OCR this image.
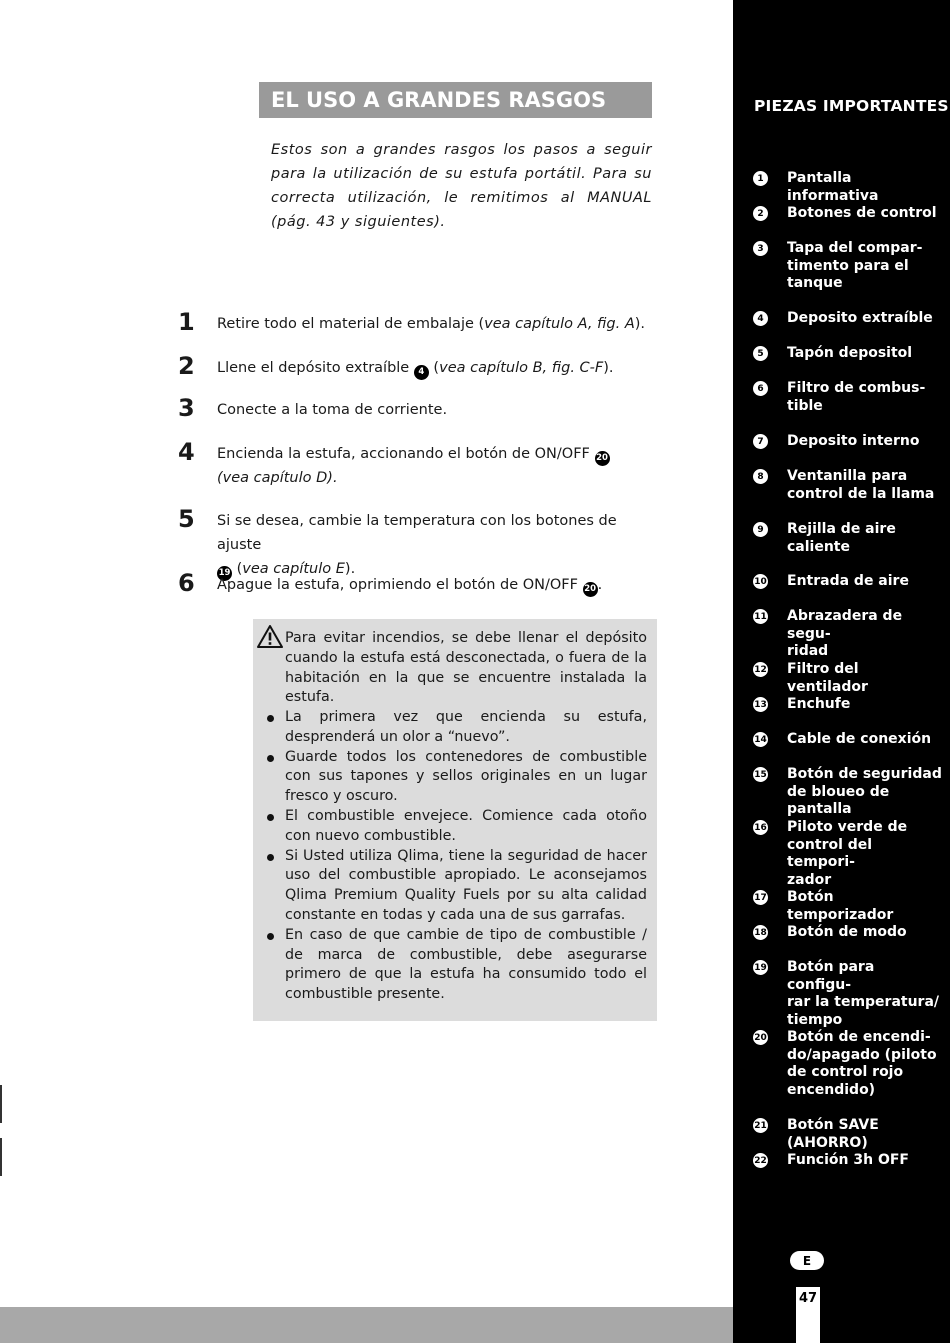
EL USO A GRANDES RASGOS
Estos son a grandes rasgos los pasos a seguir para la utilización de su estufa portátil. Para su correcta utilización, le remitimos al MANUAL (pág. 43 y siguientes).
1 Retire todo el material de embalaje (vea capítulo A, fig. A).
2 Llene el depósito extraíble 4 (vea capítulo B, fig. C-F).
3 Conecte a la toma de corriente.
4 Encienda la estufa, accionando el botón de ON/OFF 20
(vea capítulo D).
5 Si se desea, cambie la temperatura con los botones de ajuste
19 (vea capítulo E).
6 Apague la estufa, oprimiendo el botón de ON/OFF 20 .
Para evitar incendios, se debe llenar el depósito cuando la estufa está desconectada, o fuera de la habitación en la que se encuentre instalada la estufa.
La primera vez que encienda su estufa, desprenderá un olor a “nuevo”.
Guarde todos los contenedores de combustible con sus tapones y sellos originales en un lugar fresco y oscuro.
El combustible envejece. Comience cada otoño con nuevo combustible.
Si Usted utiliza Qlima, tiene la seguridad de hacer uso del combustible apropiado. Le aconsejamos Qlima Premium Quality Fuels por su alta calidad constante en todas y cada una de sus garrafas.
En caso de que cambie de tipo de combustible / de marca de combustible, debe asegurarse primero de que la estufa ha consumido todo el combustible presente.
PIEZAS IMPORTANTES
1	Pantalla informativa
2	Botones de control
3	Tapa del compar-
timento para el
tanque
4	Deposito extraíble
5	Tapón depositol
6	Filtro de combus-
tible
7	Deposito interno
8	Ventanilla para
control de la llama
9	Rejilla de aire
caliente
10 Entrada de aire
11 Abrazadera de segu-
ridad
12 Filtro del ventilador
13 Enchufe
14 Cable de conexión
15 Botón de seguridad
de bloueo de pantalla
16 Piloto verde de
control del tempori-
zador
17 Botón temporizador
18 Botón de modo
19 Botón para configu-
rar la temperatura/
tiempo
20 Botón de encendi-
do/apagado (piloto
de control rojo
encendido)
21 Botón SAVE (AHORRO)
22 Función 3h OFF
E
47
